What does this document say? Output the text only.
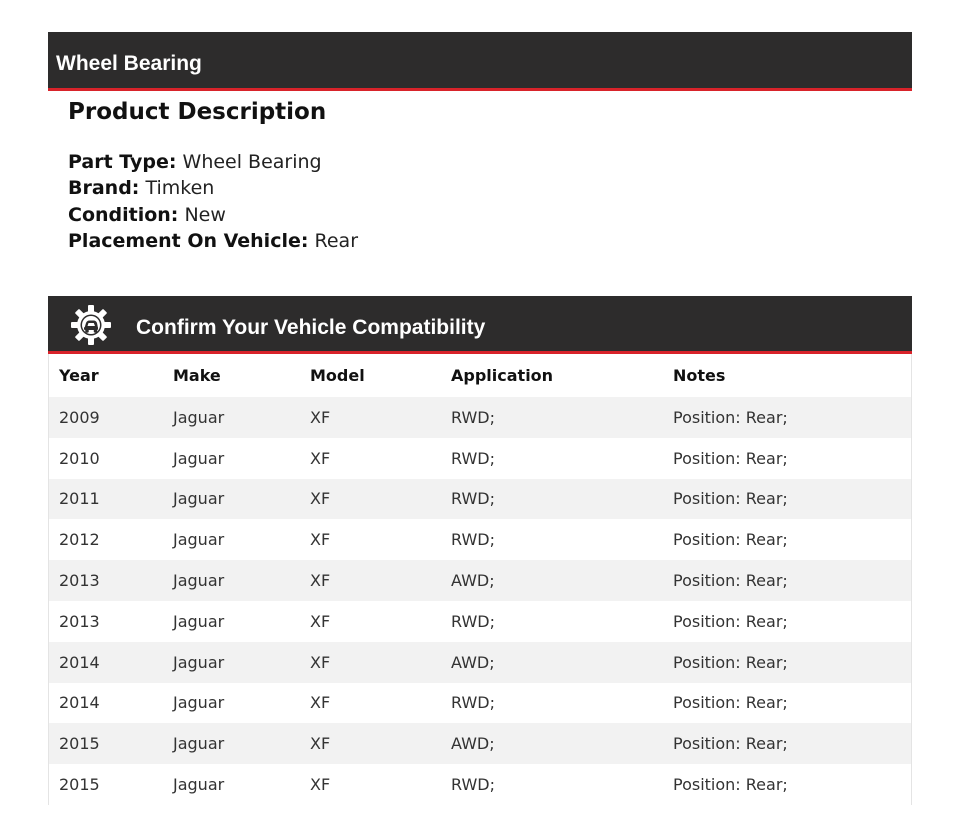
Wheel Bearing
Product Description
Part Type: Wheel Bearing
Brand: Timken
Condition: New
Placement On Vehicle: Rear
Confirm Your Vehicle Compatibility
Year	Make	Model	Application	Notes
2009	Jaguar	XF	RWD;	Position: Rear;
2010	Jaguar	XF	RWD;	Position: Rear;
2011	Jaguar	XF	RWD;	Position: Rear;
2012	Jaguar	XF	RWD;	Position: Rear;
2013	Jaguar	XF	AWD;	Position: Rear;
2013	Jaguar	XF	RWD;	Position: Rear;
2014	Jaguar	XF	AWD;	Position: Rear;
2014	Jaguar	XF	RWD;	Position: Rear;
2015	Jaguar	XF	AWD;	Position: Rear;
2015	Jaguar	XF	RWD;	Position: Rear;
